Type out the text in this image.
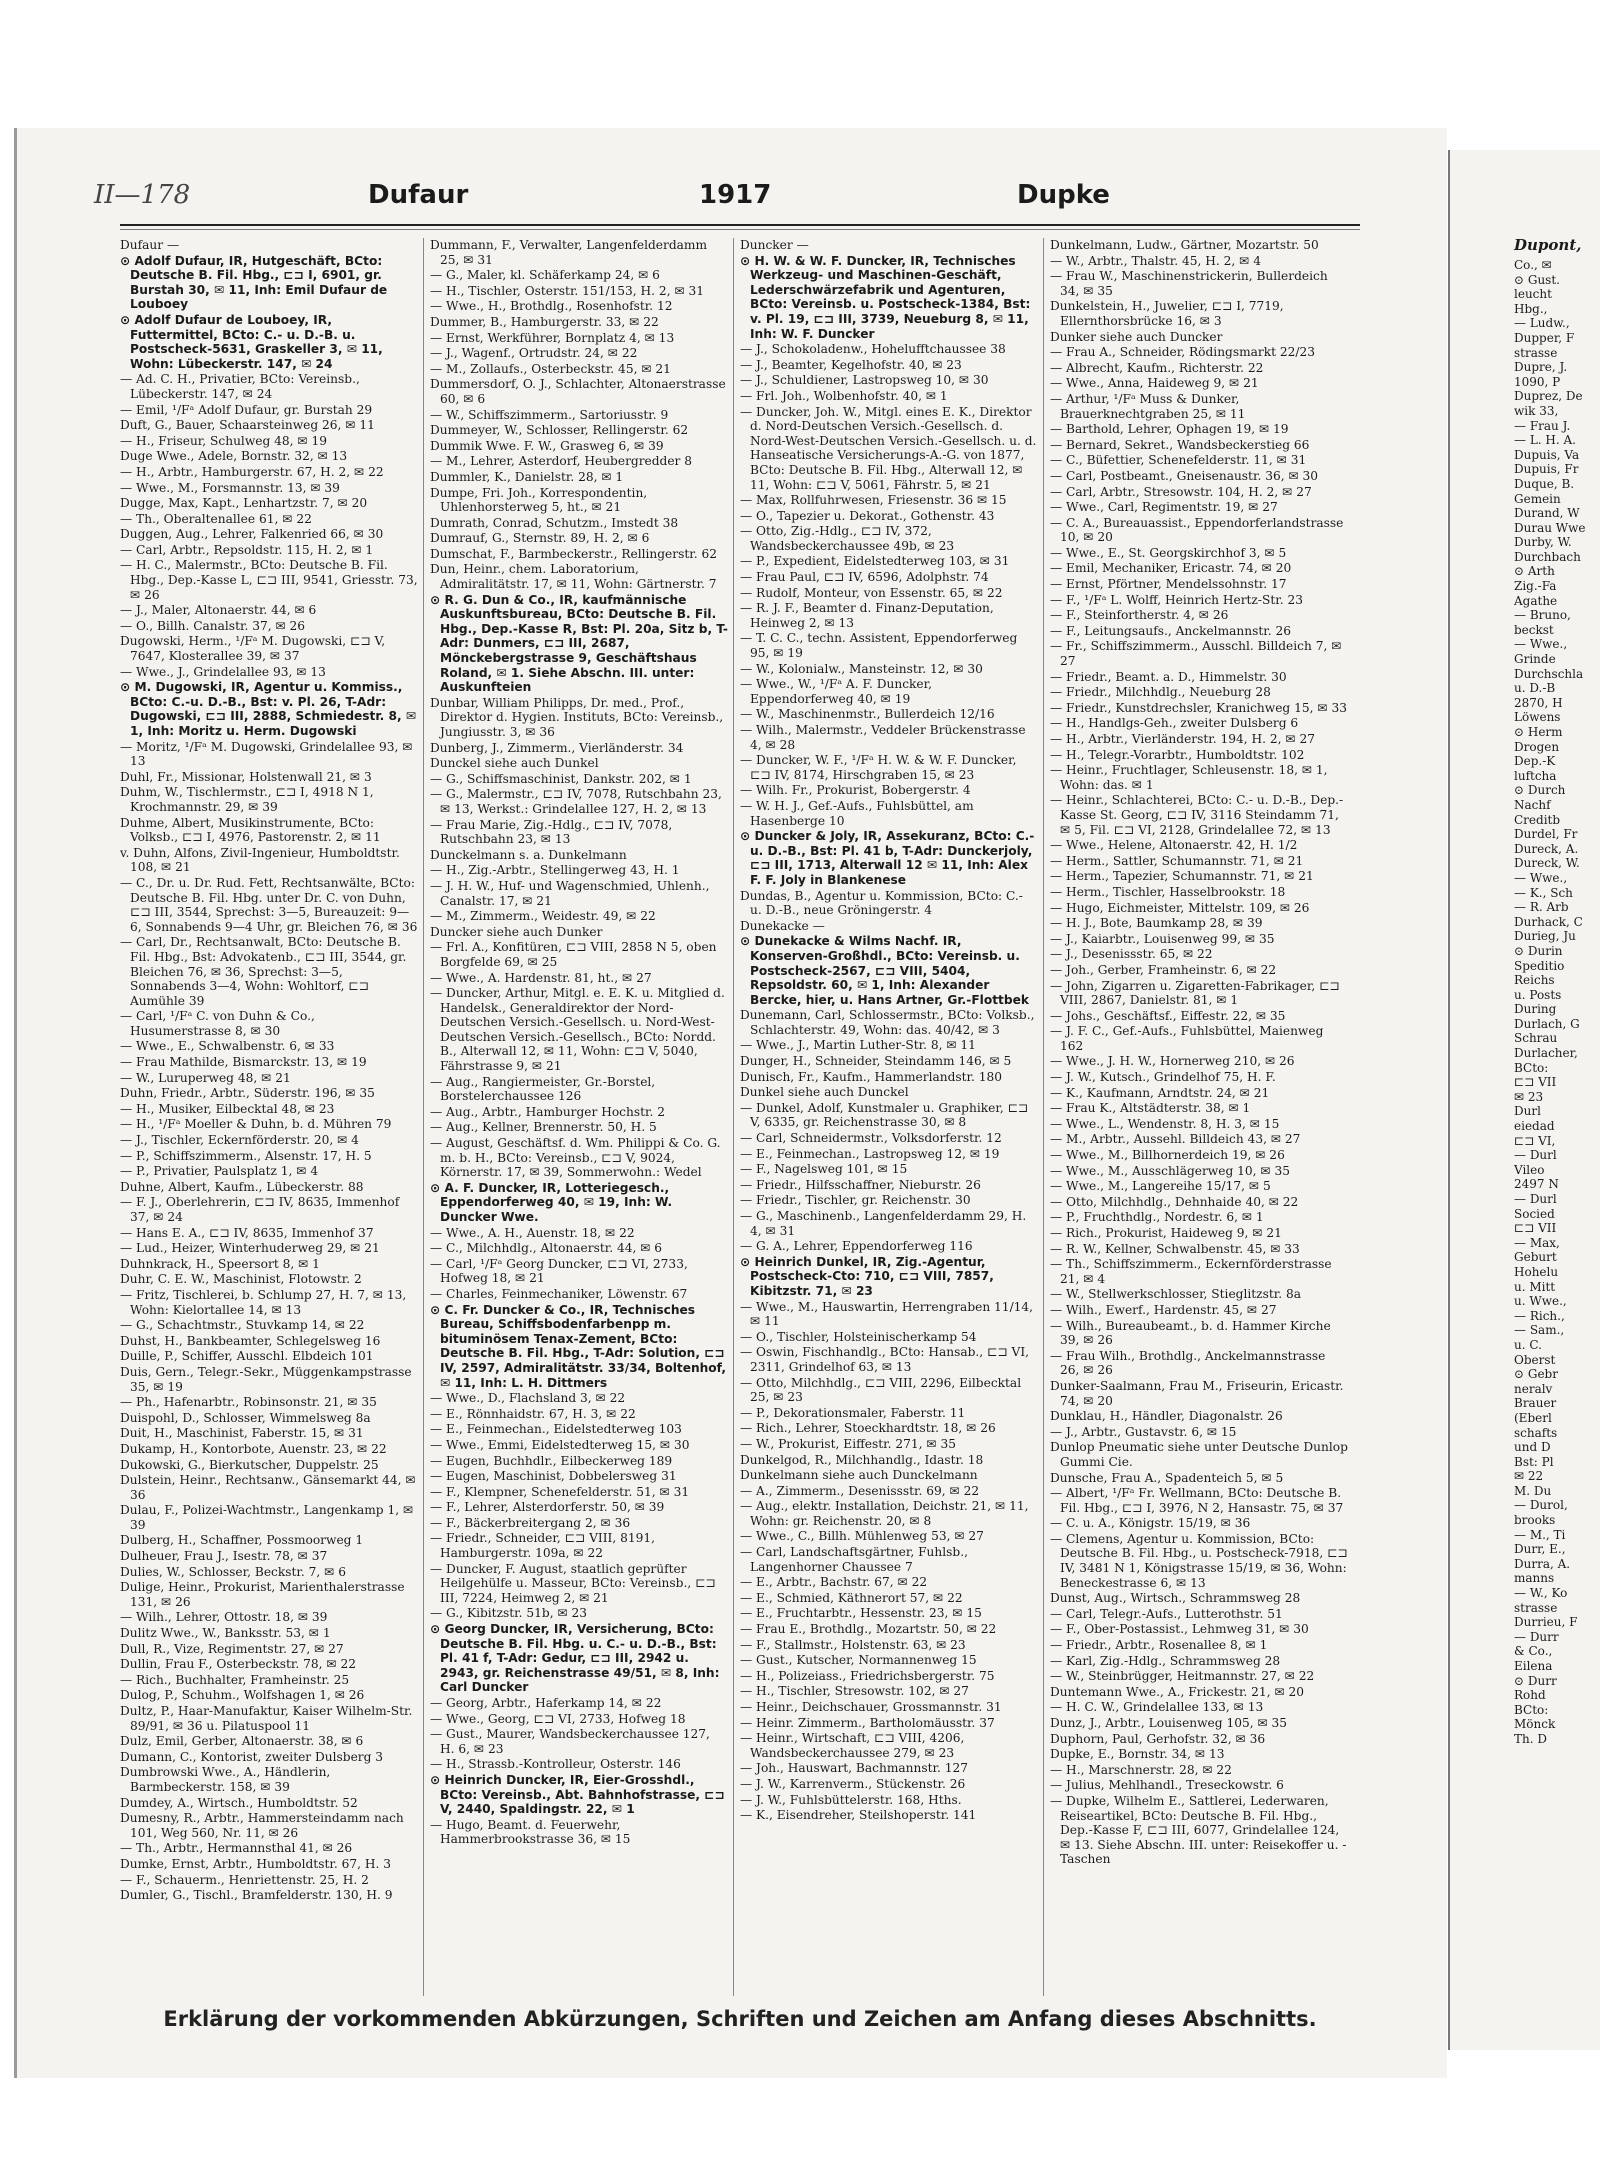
II—178	Dufaur	1917	Dupke
Dufaur —
⊙ Adolf Dufaur, IR, Hutgeschäft, BCto: Deutsche B. Fil. Hbg., ⊏⊐ I, 6901, gr. Burstah 30, ✉ 11, Inh: Emil Dufaur de Louboey
⊙ Adolf Dufaur de Louboey, IR, Futtermittel, BCto: C.- u. D.-B. u. Postscheck-5631, Graskeller 3, ✉ 11, Wohn: Lübeckerstr. 147, ✉ 24
— Ad. C. H., Privatier, BCto: Vereinsb., Lübeckerstr. 147, ✉ 24
— Emil, ¹/Fᵃ Adolf Dufaur, gr. Burstah 29
Duft, G., Bauer, Schaarsteinweg 26, ✉ 11
— H., Friseur, Schulweg 48, ✉ 19
Duge Wwe., Adele, Bornstr. 32, ✉ 13
— H., Arbtr., Hamburgerstr. 67, H. 2, ✉ 22
— Wwe., M., Forsmannstr. 13, ✉ 39
Dugge, Max, Kapt., Lenhartzstr. 7, ✉ 20
— Th., Oberaltenallee 61, ✉ 22
Duggen, Aug., Lehrer, Falkenried 66, ✉ 30
— Carl, Arbtr., Repsoldstr. 115, H. 2, ✉ 1
— H. C., Malermstr., BCto: Deutsche B. Fil. Hbg., Dep.-Kasse L, ⊏⊐ III, 9541, Griesstr. 73, ✉ 26
— J., Maler, Altonaerstr. 44, ✉ 6
— O., Billh. Canalstr. 37, ✉ 26
Dugowski, Herm., ¹/Fᵃ M. Dugowski, ⊏⊐ V, 7647, Klosterallee 39, ✉ 37
— Wwe., J., Grindelallee 93, ✉ 13
⊙ M. Dugowski, IR, Agentur u. Kommiss., BCto: C.-u. D.-B., Bst: v. Pl. 26, T-Adr: Dugowski, ⊏⊐ III, 2888, Schmiedestr. 8, ✉ 1, Inh: Moritz u. Herm. Dugowski
— Moritz, ¹/Fᵃ M. Dugowski, Grindelallee 93, ✉ 13
Duhl, Fr., Missionar, Holstenwall 21, ✉ 3
Duhm, W., Tischlermstr., ⊏⊐ I, 4918 N 1, Krochmannstr. 29, ✉ 39
Duhme, Albert, Musikinstrumente, BCto: Volksb., ⊏⊐ I, 4976, Pastorenstr. 2, ✉ 11
v. Duhn, Alfons, Zivil-Ingenieur, Humboldtstr. 108, ✉ 21
— C., Dr. u. Dr. Rud. Fett, Rechtsanwälte, BCto: Deutsche B. Fil. Hbg. unter Dr. C. von Duhn, ⊏⊐ III, 3544, Sprechst: 3—5, Bureauzeit: 9—6, Sonnabends 9—4 Uhr, gr. Bleichen 76, ✉ 36
— Carl, Dr., Rechtsanwalt, BCto: Deutsche B. Fil. Hbg., Bst: Advokatenb., ⊏⊐ III, 3544, gr. Bleichen 76, ✉ 36, Sprechst: 3—5, Sonnabends 3—4, Wohn: Wohltorf, ⊏⊐ Aumühle 39
— Carl, ¹/Fᵃ C. von Duhn & Co., Husumerstrasse 8, ✉ 30
— Wwe., E., Schwalbenstr. 6, ✉ 33
— Frau Mathilde, Bismarckstr. 13, ✉ 19
— W., Luruperweg 48, ✉ 21
Duhn, Friedr., Arbtr., Süderstr. 196, ✉ 35
— H., Musiker, Eilbecktal 48, ✉ 23
— H., ¹/Fᵃ Moeller & Duhn, b. d. Mühren 79
— J., Tischler, Eckernförderstr. 20, ✉ 4
— P., Schiffszimmerm., Alsenstr. 17, H. 5
— P., Privatier, Paulsplatz 1, ✉ 4
Duhne, Albert, Kaufm., Lübeckerstr. 88
— F. J., Oberlehrerin, ⊏⊐ IV, 8635, Immenhof 37, ✉ 24
— Hans E. A., ⊏⊐ IV, 8635, Immenhof 37
— Lud., Heizer, Winterhuderweg 29, ✉ 21
Duhnkrack, H., Speersort 8, ✉ 1
Duhr, C. E. W., Maschinist, Flotowstr. 2
— Fritz, Tischlerei, b. Schlump 27, H. 7, ✉ 13, Wohn: Kielortallee 14, ✉ 13
— G., Schachtmstr., Stuvkamp 14, ✉ 22
Duhst, H., Bankbeamter, Schlegelsweg 16
Duille, P., Schiffer, Ausschl. Elbdeich 101
Duis, Gern., Telegr.-Sekr., Müggenkampstrasse 35, ✉ 19
— Ph., Hafenarbtr., Robinsonstr. 21, ✉ 35
Duispohl, D., Schlosser, Wimmelsweg 8a
Duit, H., Maschinist, Faberstr. 15, ✉ 31
Dukamp, H., Kontorbote, Auenstr. 23, ✉ 22
Dukowski, G., Bierkutscher, Duppelstr. 25
Dulstein, Heinr., Rechtsanw., Gänsemarkt 44, ✉ 36
Dulau, F., Polizei-Wachtmstr., Langenkamp 1, ✉ 39
Dulberg, H., Schaffner, Possmoorweg 1
Dulheuer, Frau J., Isestr. 78, ✉ 37
Dulies, W., Schlosser, Beckstr. 7, ✉ 6
Dulige, Heinr., Prokurist, Marienthalerstrasse 131, ✉ 26
— Wilh., Lehrer, Ottostr. 18, ✉ 39
Dulitz Wwe., W., Banksstr. 53, ✉ 1
Dull, R., Vize, Regimentstr. 27, ✉ 27
Dullin, Frau F., Osterbeckstr. 78, ✉ 22
— Rich., Buchhalter, Framheinstr. 25
Dulog, P., Schuhm., Wolfshagen 1, ✉ 26
Dultz, P., Haar-Manufaktur, Kaiser Wilhelm-Str. 89/91, ✉ 36 u. Pilatuspool 11
Dulz, Emil, Gerber, Altonaerstr. 38, ✉ 6
Dumann, C., Kontorist, zweiter Dulsberg 3
Dumbrowski Wwe., A., Händlerin, Barmbeckerstr. 158, ✉ 39
Dumdey, A., Wirtsch., Humboldtstr. 52
Dumesny, R., Arbtr., Hammersteindamm nach 101, Weg 560, Nr. 11, ✉ 26
— Th., Arbtr., Hermannsthal 41, ✉ 26
Dumke, Ernst, Arbtr., Humboldtstr. 67, H. 3
— F., Schauerm., Henriettenstr. 25, H. 2
Dumler, G., Tischl., Bramfelderstr. 130, H. 9
Dummann, F., Verwalter, Langenfelderdamm 25, ✉ 31
— G., Maler, kl. Schäferkamp 24, ✉ 6
— H., Tischler, Osterstr. 151/153, H. 2, ✉ 31
— Wwe., H., Brothdlg., Rosenhofstr. 12
Dummer, B., Hamburgerstr. 33, ✉ 22
— Ernst, Werkführer, Bornplatz 4, ✉ 13
— J., Wagenf., Ortrudstr. 24, ✉ 22
— M., Zollaufs., Osterbeckstr. 45, ✉ 21
Dummersdorf, O. J., Schlachter, Altonaerstrasse 60, ✉ 6
— W., Schiffszimmerm., Sartoriusstr. 9
Dummeyer, W., Schlosser, Rellingerstr. 62
Dummik Wwe. F. W., Grasweg 6, ✉ 39
— M., Lehrer, Asterdorf, Heubergredder 8
Dummler, K., Danielstr. 28, ✉ 1
Dumpe, Fri. Joh., Korrespondentin, Uhlenhorsterweg 5, ht., ✉ 21
Dumrath, Conrad, Schutzm., Imstedt 38
Dumrauf, G., Sternstr. 89, H. 2, ✉ 6
Dumschat, F., Barmbeckerstr., Rellingerstr. 62
Dun, Heinr., chem. Laboratorium, Admiralitätstr. 17, ✉ 11, Wohn: Gärtnerstr. 7
⊙ R. G. Dun & Co., IR, kaufmännische Auskunftsbureau, BCto: Deutsche B. Fil. Hbg., Dep.-Kasse R, Bst: Pl. 20a, Sitz b, T-Adr: Dunmers, ⊏⊐ III, 2687, Mönckebergstrasse 9, Geschäftshaus Roland, ✉ 1. Siehe Abschn. III. unter: Auskunfteien
Dunbar, William Philipps, Dr. med., Prof., Direktor d. Hygien. Instituts, BCto: Vereinsb., Jungiusstr. 3, ✉ 36
Dunberg, J., Zimmerm., Vierländerstr. 34
Dunckel siehe auch Dunkel
— G., Schiffsmaschinist, Dankstr. 202, ✉ 1
— G., Malermstr., ⊏⊐ IV, 7078, Rutschbahn 23, ✉ 13, Werkst.: Grindelallee 127, H. 2, ✉ 13
— Frau Marie, Zig.-Hdlg., ⊏⊐ IV, 7078, Rutschbahn 23, ✉ 13
Dunckelmann s. a. Dunkelmann
— H., Zig.-Arbtr., Stellingerweg 43, H. 1
— J. H. W., Huf- und Wagenschmied, Uhlenh., Canalstr. 17, ✉ 21
— M., Zimmerm., Weidestr. 49, ✉ 22
Duncker siehe auch Dunker
— Frl. A., Konfitüren, ⊏⊐ VIII, 2858 N 5, oben Borgfelde 69, ✉ 25
— Wwe., A. Hardenstr. 81, ht., ✉ 27
— Duncker, Arthur, Mitgl. e. E. K. u. Mitglied d. Handelsk., Generaldirektor der Nord-Deutschen Versich.-Gesellsch. u. Nord-West-Deutschen Versich.-Gesellsch., BCto: Nordd. B., Alterwall 12, ✉ 11, Wohn: ⊏⊐ V, 5040, Fährstrasse 9, ✉ 21
— Aug., Rangiermeister, Gr.-Borstel, Borstelerchaussee 126
— Aug., Arbtr., Hamburger Hochstr. 2
— Aug., Kellner, Brennerstr. 50, H. 5
— August, Geschäftsf. d. Wm. Philippi & Co. G. m. b. H., BCto: Vereinsb., ⊏⊐ V, 9024, Körnerstr. 17, ✉ 39, Sommerwohn.: Wedel
⊙ A. F. Duncker, IR, Lotteriegesch., Eppendorferweg 40, ✉ 19, Inh: W. Duncker Wwe.
— Wwe., A. H., Auenstr. 18, ✉ 22
— C., Milchhdlg., Altonaerstr. 44, ✉ 6
— Carl, ¹/Fᵃ Georg Duncker, ⊏⊐ VI, 2733, Hofweg 18, ✉ 21
— Charles, Feinmechaniker, Löwenstr. 67
⊙ C. Fr. Duncker & Co., IR, Technisches Bureau, Schiffsbodenfarbenpp m. bituminösem Tenax-Zement, BCto: Deutsche B. Fil. Hbg., T-Adr: Solution, ⊏⊐ IV, 2597, Admiralitätstr. 33/34, Boltenhof, ✉ 11, Inh: L. H. Dittmers
— Wwe., D., Flachsland 3, ✉ 22
— E., Rönnhaidstr. 67, H. 3, ✉ 22
— E., Feinmechan., Eidelstedterweg 103
— Wwe., Emmi, Eidelstedterweg 15, ✉ 30
— Eugen, Buchhdlr., Eilbeckerweg 189
— Eugen, Maschinist, Dobbelersweg 31
— F., Klempner, Schenefelderstr. 51, ✉ 31
— F., Lehrer, Alsterdorferstr. 50, ✉ 39
— F., Bäckerbreitergang 2, ✉ 36
— Friedr., Schneider, ⊏⊐ VIII, 8191, Hamburgerstr. 109a, ✉ 22
— Duncker, F. August, staatlich geprüfter Heilgehülfe u. Masseur, BCto: Vereinsb., ⊏⊐ III, 7224, Heimweg 2, ✉ 21
— G., Kibitzstr. 51b, ✉ 23
⊙ Georg Duncker, IR, Versicherung, BCto: Deutsche B. Fil. Hbg. u. C.- u. D.-B., Bst: Pl. 41 f, T-Adr: Gedur, ⊏⊐ III, 2942 u. 2943, gr. Reichenstrasse 49/51, ✉ 8, Inh: Carl Duncker
— Georg, Arbtr., Haferkamp 14, ✉ 22
— Wwe., Georg, ⊏⊐ VI, 2733, Hofweg 18
— Gust., Maurer, Wandsbeckerchaussee 127, H. 6, ✉ 23
— H., Strassb.-Kontrolleur, Osterstr. 146
⊙ Heinrich Duncker, IR, Eier-Grosshdl., BCto: Vereinsb., Abt. Bahnhofstrasse, ⊏⊐ V, 2440, Spaldingstr. 22, ✉ 1
— Hugo, Beamt. d. Feuerwehr, Hammerbrookstrasse 36, ✉ 15
Duncker —
⊙ H. W. & W. F. Duncker, IR, Technisches Werkzeug- und Maschinen-Geschäft, Lederschwärzefabrik und Agenturen, BCto: Vereinsb. u. Postscheck-1384, Bst: v. Pl. 19, ⊏⊐ III, 3739, Neueburg 8, ✉ 11, Inh: W. F. Duncker
— J., Schokoladenw., Hohelufftchaussee 38
— J., Beamter, Kegelhofstr. 40, ✉ 23
— J., Schuldiener, Lastropsweg 10, ✉ 30
— Frl. Joh., Wolbenhofstr. 40, ✉ 1
— Duncker, Joh. W., Mitgl. eines E. K., Direktor d. Nord-Deutschen Versich.-Gesellsch. d. Nord-West-Deutschen Versich.-Gesellsch. u. d. Hanseatische Versicherungs-A.-G. von 1877, BCto: Deutsche B. Fil. Hbg., Alterwall 12, ✉ 11, Wohn: ⊏⊐ V, 5061, Fährstr. 5, ✉ 21
— Max, Rollfuhrwesen, Friesenstr. 36 ✉ 15
— O., Tapezier u. Dekorat., Gothenstr. 43
— Otto, Zig.-Hdlg., ⊏⊐ IV, 372, Wandsbeckerchaussee 49b, ✉ 23
— P., Expedient, Eidelstedterweg 103, ✉ 31
— Frau Paul, ⊏⊐ IV, 6596, Adolphstr. 74
— Rudolf, Monteur, von Essenstr. 65, ✉ 22
— R. J. F., Beamter d. Finanz-Deputation, Heinweg 2, ✉ 13
— T. C. C., techn. Assistent, Eppendorferweg 95, ✉ 19
— W., Kolonialw., Mansteinstr. 12, ✉ 30
— Wwe., W., ¹/Fᵃ A. F. Duncker, Eppendorferweg 40, ✉ 19
— W., Maschinenmstr., Bullerdeich 12/16
— Wilh., Malermstr., Veddeler Brückenstrasse 4, ✉ 28
— Duncker, W. F., ¹/Fᵃ H. W. & W. F. Duncker, ⊏⊐ IV, 8174, Hirschgraben 15, ✉ 23
— Wilh. Fr., Prokurist, Bobergerstr. 4
— W. H. J., Gef.-Aufs., Fuhlsbüttel, am Hasenberge 10
⊙ Duncker & Joly, IR, Assekuranz, BCto: C.- u. D.-B., Bst: Pl. 41 b, T-Adr: Dunckerjoly, ⊏⊐ III, 1713, Alterwall 12 ✉ 11, Inh: Alex F. F. Joly in Blankenese
Dundas, B., Agentur u. Kommission, BCto: C.- u. D.-B., neue Gröningerstr. 4
Dunekacke —
⊙ Dunekacke & Wilms Nachf. IR, Konserven-Großhdl., BCto: Vereinsb. u. Postscheck-2567, ⊏⊐ VIII, 5404, Repsoldstr. 60, ✉ 1, Inh: Alexander Bercke, hier, u. Hans Artner, Gr.-Flottbek
Dunemann, Carl, Schlossermstr., BCto: Volksb., Schlachterstr. 49, Wohn: das. 40/42, ✉ 3
— Wwe., J., Martin Luther-Str. 8, ✉ 11
Dunger, H., Schneider, Steindamm 146, ✉ 5
Dunisch, Fr., Kaufm., Hammerlandstr. 180
Dunkel siehe auch Dunckel
— Dunkel, Adolf, Kunstmaler u. Graphiker, ⊏⊐ V, 6335, gr. Reichenstrasse 30, ✉ 8
— Carl, Schneidermstr., Volksdorferstr. 12
— E., Feinmechan., Lastropsweg 12, ✉ 19
— F., Nagelsweg 101, ✉ 15
— Friedr., Hilfsschaffner, Nieburstr. 26
— Friedr., Tischler, gr. Reichenstr. 30
— G., Maschinenb., Langenfelderdamm 29, H. 4, ✉ 31
— G. A., Lehrer, Eppendorferweg 116
⊙ Heinrich Dunkel, IR, Zig.-Agentur, Postscheck-Cto: 710, ⊏⊐ VIII, 7857, Kibitzstr. 71, ✉ 23
— Wwe., M., Hauswartin, Herrengraben 11/14, ✉ 11
— O., Tischler, Holsteinischerkamp 54
— Oswin, Fischhandlg., BCto: Hansab., ⊏⊐ VI, 2311, Grindelhof 63, ✉ 13
— Otto, Milchhdlg., ⊏⊐ VIII, 2296, Eilbecktal 25, ✉ 23
— P., Dekorationsmaler, Faberstr. 11
— Rich., Lehrer, Stoeckhardtstr. 18, ✉ 26
— W., Prokurist, Eiffestr. 271, ✉ 35
Dunkelgod, R., Milchhandlg., Idastr. 18
Dunkelmann siehe auch Dunckelmann
— A., Zimmerm., Desenissstr. 69, ✉ 22
— Aug., elektr. Installation, Deichstr. 21, ✉ 11, Wohn: gr. Reichenstr. 20, ✉ 8
— Wwe., C., Billh. Mühlenweg 53, ✉ 27
— Carl, Landschaftsgärtner, Fuhlsb., Langenhorner Chaussee 7
— E., Arbtr., Bachstr. 67, ✉ 22
— E., Schmied, Käthnerort 57, ✉ 22
— E., Fruchtarbtr., Hessenstr. 23, ✉ 15
— Frau E., Brothdlg., Mozartstr. 50, ✉ 22
— F., Stallmstr., Holstenstr. 63, ✉ 23
— Gust., Kutscher, Normannenweg 15
— H., Polizeiass., Friedrichsbergerstr. 75
— H., Tischler, Stresowstr. 102, ✉ 27
— Heinr., Deichschauer, Grossmannstr. 31
— Heinr. Zimmerm., Bartholomäusstr. 37
— Heinr., Wirtschaft, ⊏⊐ VIII, 4206, Wandsbeckerchaussee 279, ✉ 23
— Joh., Hauswart, Bachmannstr. 127
— J. W., Karrenverm., Stückenstr. 26
— J. W., Fuhlsbüttelerstr. 168, Hths.
— K., Eisendreher, Steilshoperstr. 141
Dunkelmann, Ludw., Gärtner, Mozartstr. 50
— W., Arbtr., Thalstr. 45, H. 2, ✉ 4
— Frau W., Maschinenstrickerin, Bullerdeich 34, ✉ 35
Dunkelstein, H., Juwelier, ⊏⊐ I, 7719, Ellernthorsbrücke 16, ✉ 3
Dunker siehe auch Duncker
— Frau A., Schneider, Rödingsmarkt 22/23
— Albrecht, Kaufm., Richterstr. 22
— Wwe., Anna, Haideweg 9, ✉ 21
— Arthur, ¹/Fᵃ Muss & Dunker, Brauerknechtgraben 25, ✉ 11
— Barthold, Lehrer, Ophagen 19, ✉ 19
— Bernard, Sekret., Wandsbeckerstieg 66
— C., Büfettier, Schenefelderstr. 11, ✉ 31
— Carl, Postbeamt., Gneisenaustr. 36, ✉ 30
— Carl, Arbtr., Stresowstr. 104, H. 2, ✉ 27
— Wwe., Carl, Regimentstr. 19, ✉ 27
— C. A., Bureauassist., Eppendorferlandstrasse 10, ✉ 20
— Wwe., E., St. Georgskirchhof 3, ✉ 5
— Emil, Mechaniker, Ericastr. 74, ✉ 20
— Ernst, Pförtner, Mendelssohnstr. 17
— F., ¹/Fᵃ L. Wolff, Heinrich Hertz-Str. 23
— F., Steinfortherstr. 4, ✉ 26
— F., Leitungsaufs., Anckelmannstr. 26
— Fr., Schiffszimmerm., Ausschl. Billdeich 7, ✉ 27
— Friedr., Beamt. a. D., Himmelstr. 30
— Friedr., Milchhdlg., Neueburg 28
— Friedr., Kunstdrechsler, Kranichweg 15, ✉ 33
— H., Handlgs-Geh., zweiter Dulsberg 6
— H., Arbtr., Vierländerstr. 194, H. 2, ✉ 27
— H., Telegr.-Vorarbtr., Humboldtstr. 102
— Heinr., Fruchtlager, Schleusenstr. 18, ✉ 1, Wohn: das. ✉ 1
— Heinr., Schlachterei, BCto: C.- u. D.-B., Dep.-Kasse St. Georg, ⊏⊐ IV, 3116 Steindamm 71, ✉ 5, Fil. ⊏⊐ VI, 2128, Grindelallee 72, ✉ 13
— Wwe., Helene, Altonaerstr. 42, H. 1/2
— Herm., Sattler, Schumannstr. 71, ✉ 21
— Herm., Tapezier, Schumannstr. 71, ✉ 21
— Herm., Tischler, Hasselbrookstr. 18
— Hugo, Eichmeister, Mittelstr. 109, ✉ 26
— H. J., Bote, Baumkamp 28, ✉ 39
— J., Kaiarbtr., Louisenweg 99, ✉ 35
— J., Desenissstr. 65, ✉ 22
— Joh., Gerber, Framheinstr. 6, ✉ 22
— John, Zigarren u. Zigaretten-Fabrikager, ⊏⊐ VIII, 2867, Danielstr. 81, ✉ 1
— Johs., Geschäftsf., Eiffestr. 22, ✉ 35
— J. F. C., Gef.-Aufs., Fuhlsbüttel, Maienweg 162
— Wwe., J. H. W., Hornerweg 210, ✉ 26
— J. W., Kutsch., Grindelhof 75, H. F.
— K., Kaufmann, Arndtstr. 24, ✉ 21
— Frau K., Altstädterstr. 38, ✉ 1
— Wwe., L., Wendenstr. 8, H. 3, ✉ 15
— M., Arbtr., Aussehl. Billdeich 43, ✉ 27
— Wwe., M., Billhornerdeich 19, ✉ 26
— Wwe., M., Ausschlägerweg 10, ✉ 35
— Wwe., M., Langereihe 15/17, ✉ 5
— Otto, Milchhdlg., Dehnhaide 40, ✉ 22
— P., Fruchthdlg., Nordestr. 6, ✉ 1
— Rich., Prokurist, Haideweg 9, ✉ 21
— R. W., Kellner, Schwalbenstr. 45, ✉ 33
— Th., Schiffszimmerm., Eckernförderstrasse 21, ✉ 4
— W., Stellwerkschlosser, Stieglitzstr. 8a
— Wilh., Ewerf., Hardenstr. 45, ✉ 27
— Wilh., Bureaubeamt., b. d. Hammer Kirche 39, ✉ 26
— Frau Wilh., Brothdlg., Anckelmannstrasse 26, ✉ 26
Dunker-Saalmann, Frau M., Friseurin, Ericastr. 74, ✉ 20
Dunklau, H., Händler, Diagonalstr. 26
— J., Arbtr., Gustavstr. 6, ✉ 15
Dunlop Pneumatic siehe unter Deutsche Dunlop Gummi Cie.
Dunsche, Frau A., Spadenteich 5, ✉ 5
— Albert, ¹/Fᵃ Fr. Wellmann, BCto: Deutsche B. Fil. Hbg., ⊏⊐ I, 3976, N 2, Hansastr. 75, ✉ 37
— C. u. A., Königstr. 15/19, ✉ 36
— Clemens, Agentur u. Kommission, BCto: Deutsche B. Fil. Hbg., u. Postscheck-7918, ⊏⊐ IV, 3481 N 1, Königstrasse 15/19, ✉ 36, Wohn: Beneckestrasse 6, ✉ 13
Dunst, Aug., Wirtsch., Schrammsweg 28
— Carl, Telegr.-Aufs., Lutterothstr. 51
— F., Ober-Postassist., Lehmweg 31, ✉ 30
— Friedr., Arbtr., Rosenallee 8, ✉ 1
— Karl, Zig.-Hdlg., Schrammsweg 28
— W., Steinbrügger, Heitmannstr. 27, ✉ 22
Duntemann Wwe., A., Frickestr. 21, ✉ 20
— H. C. W., Grindelallee 133, ✉ 13
Dunz, J., Arbtr., Louisenweg 105, ✉ 35
Duphorn, Paul, Gerhofstr. 32, ✉ 36
Dupke, E., Bornstr. 34, ✉ 13
— H., Marschnerstr. 28, ✉ 22
— Julius, Mehlhandl., Treseckowstr. 6
— Dupke, Wilhelm E., Sattlerei, Lederwaren, Reiseartikel, BCto: Deutsche B. Fil. Hbg., Dep.-Kasse F, ⊏⊐ III, 6077, Grindelallee 124, ✉ 13. Siehe Abschn. III. unter: Reisekoffer u. -Taschen
Erklärung der vorkommenden Abkürzungen, Schriften und Zeichen am Anfang dieses Abschnitts.
Dupont,
Co., ✉
⊙ Gust.
leucht
Hbg.,
— Ludw.,
Dupper, F
strasse
Dupre, J.
1090, P
Duprez, De
wik 33,
— Frau J.
— L. H. A.
Dupuis, Va
Dupuis, Fr
Duque, B.
Gemein
Durand, W
Durau Wwe
Durby, W.
Durchbach
⊙ Arth
Zig.-Fa
Agathe
— Bruno,
beckst
— Wwe.,
Grinde
Durchschla
u. D.-B
2870, H
Löwens
⊙ Herm
Drogen
Dep.-K
luftcha
⊙ Durch
Nachf
Creditb
Durdel, Fr
Dureck, A.
Dureck, W.
— Wwe.,
— K., Sch
— R. Arb
Durhack, C
Durieg, Ju
⊙ Durin
Speditio
Reichs
u. Posts
During
Durlach, G
Schrau
Durlacher,
BCto:
⊏⊐ VII
✉ 23
Durl
eiedad
⊏⊐ VI,
— Durl
Vileo
2497 N
— Durl
Socied
⊏⊐ VII
— Max,
Geburt
Hohelu
u. Mitt
u. Wwe.,
— Rich.,
— Sam.,
u. C.
Oberst
⊙ Gebr
neralv
Brauer
(Eberl
schafts
und D
Bst: Pl
✉ 22
M. Du
— Durol,
brooks
— M., Ti
Durr, E.,
Durra, A.
manns
— W., Ko
strasse
Durrieu, F
— Durr
& Co.,
Eilena
⊙ Durr
Rohd
BCto:
Mönck
Th. D
